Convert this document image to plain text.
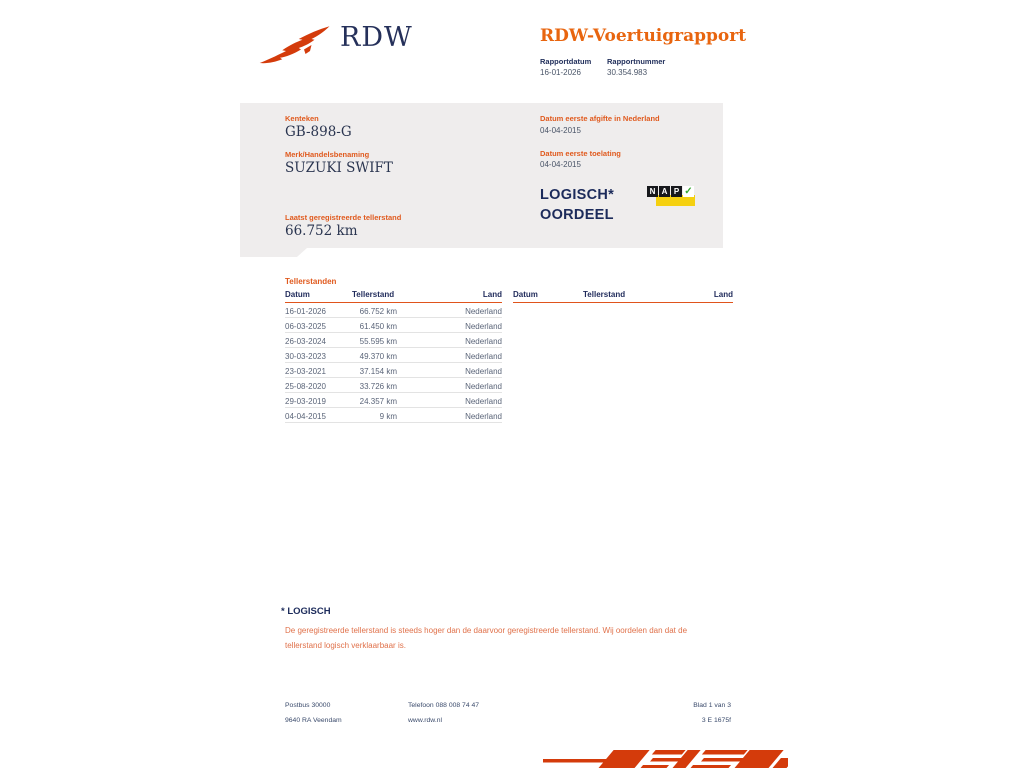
RDW	RDW-Voertuigrapport
Rapportdatum Rapportnummer
16-01-2026	30.354.983
Kenteken
GB-898-G
Merk/Handelsbenaming
SUZUKI SWIFT
Laatst geregistreerde tellerstand
66.752 km
Datum eerste afgifte in Nederland
04-04-2015
Datum eerste toelating
04-04-2015
LOGISCH*
OORDEEL
N A P ✓
Tellerstanden
Datum	Tellerstand	Land
16-01-2026	66.752 km	Nederland
06-03-2025	61.450 km	Nederland
26-03-2024	55.595 km	Nederland
30-03-2023	49.370 km	Nederland
23-03-2021	37.154 km	Nederland
25-08-2020	33.726 km	Nederland
29-03-2019	24.357 km	Nederland
04-04-2015	9 km	Nederland
Datum	Tellerstand	Land
* LOGISCH
De geregistreerde tellerstand is steeds hoger dan de daarvoor geregistreerde tellerstand. Wij oordelen dan dat de tellerstand logisch verklaarbaar is.
Postbus 30000
9640 RA Veendam
Telefoon 088 008 74 47
www.rdw.nl
Blad 1 van 3
3 E 1675f
